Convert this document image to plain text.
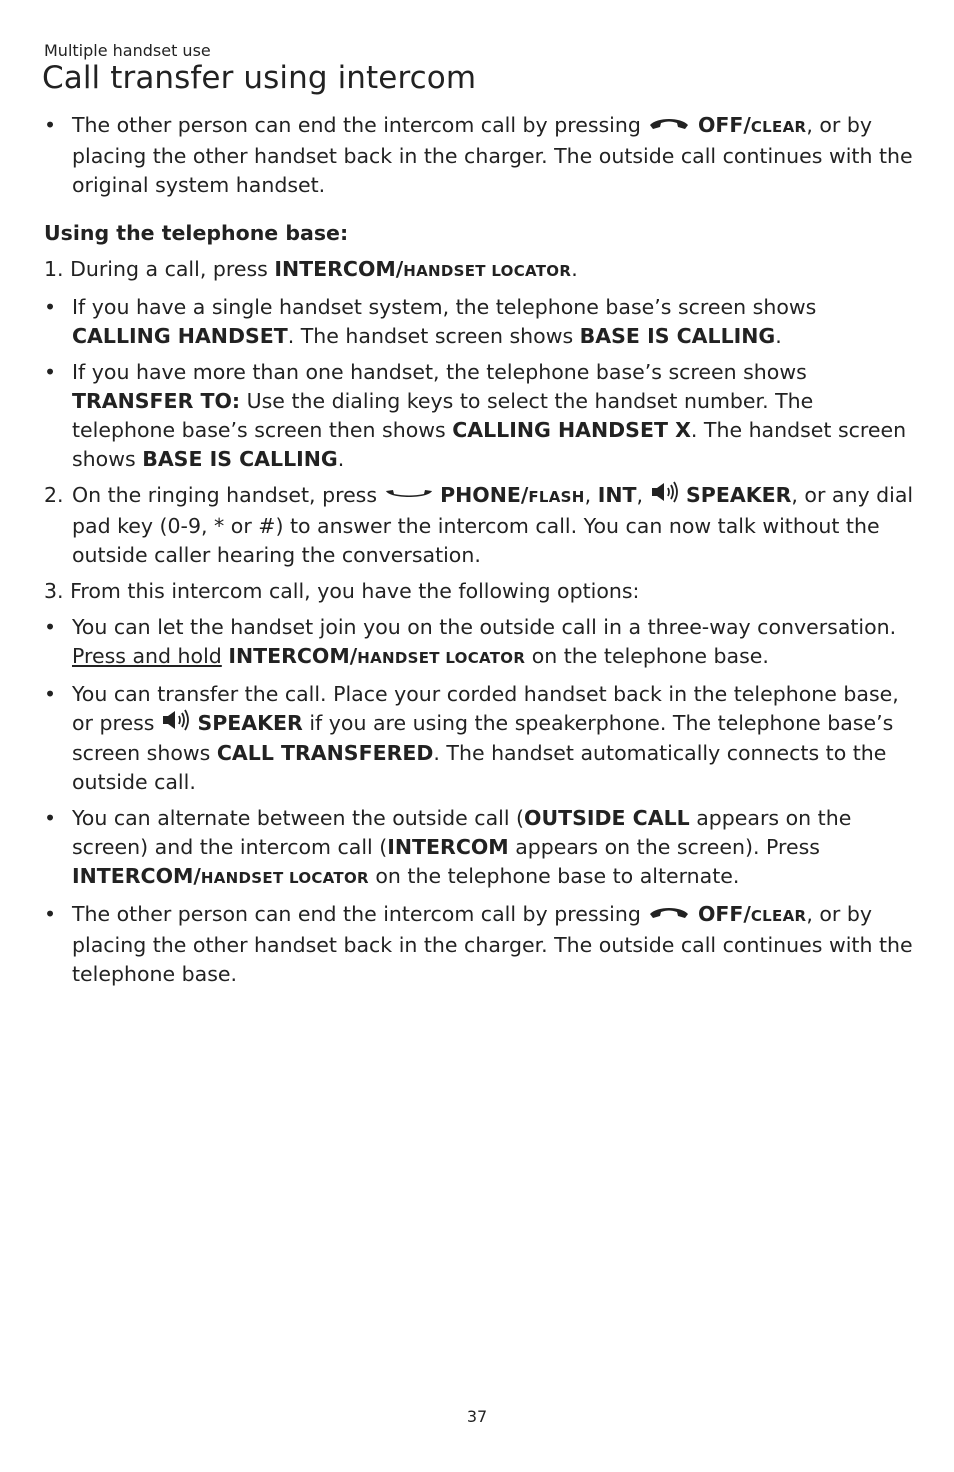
Multiple handset use
Call transfer using intercom

• The other person can end the intercom call by pressing  OFF/CLEAR, or by placing the other handset back in the charger. The outside call continues with the original system handset.

Using the telephone base:

1. During a call, press INTERCOM/HANDSET LOCATOR.

• If you have a single handset system, the telephone base’s screen shows CALLING HANDSET. The handset screen shows BASE IS CALLING.

• If you have more than one handset, the telephone base’s screen shows TRANSFER TO: Use the dialing keys to select the handset number. The telephone base’s screen then shows CALLING HANDSET X. The handset screen shows BASE IS CALLING.

2. On the ringing handset, press	PHONE/FLASH, INT,  SPEAKER, or any dial pad key (0-9, * or #) to answer the intercom call. You can now talk without the outside caller hearing the conversation.

3. From this intercom call, you have the following options:

• You can let the handset join you on the outside call in a three-way conversation. Press and hold INTERCOM/HANDSET LOCATOR on the telephone base.

• You can transfer the call. Place your corded handset back in the telephone base, or press  SPEAKER if you are using the speakerphone. The telephone base’s screen shows CALL TRANSFERED. The handset automatically connects to the outside call.

• You can alternate between the outside call (OUTSIDE CALL appears on the screen) and the intercom call (INTERCOM appears on the screen). Press INTERCOM/HANDSET LOCATOR on the telephone base to alternate.

• The other person can end the intercom call by pressing  OFF/CLEAR, or by placing the other handset back in the charger. The outside call continues with the telephone base.

37
